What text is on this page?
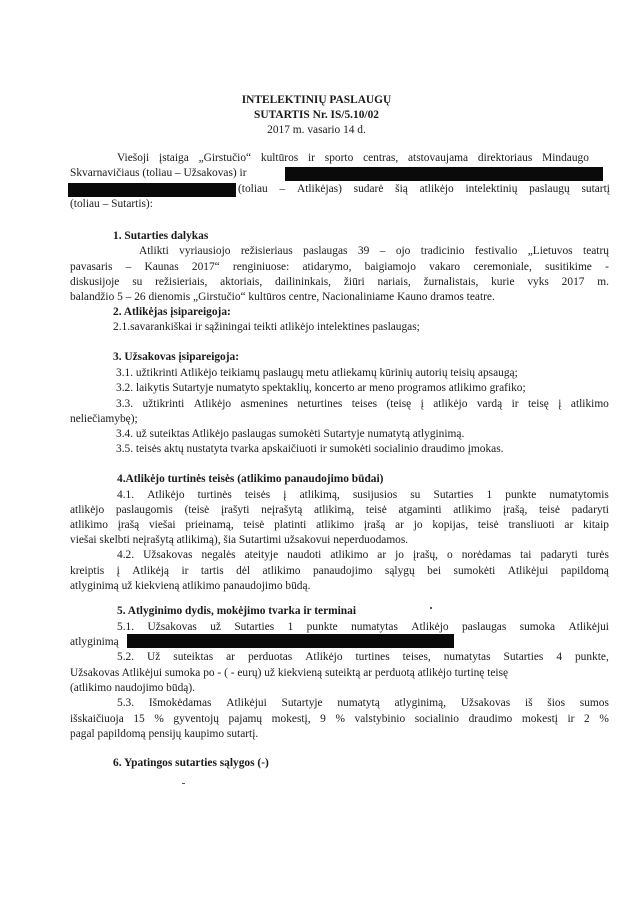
INTELEKTINIŲ PASLAUGŲ

SUTARTIS Nr. IS/5.10/02

2017 m. vasario 14 d.

Viešoji įstaiga „Girstučio“ kultūros ir sporto centras, atstovaujama direktoriaus Mindaugo

Skvarnavičiaus (toliau – Užsakovas) ir

(toliau – Atlikėjas) sudarė šią atlikėjo intelektinių paslaugų sutartį

(toliau – Sutartis):

1. Sutarties dalykas

Atlikti vyriausiojo režisieriaus paslaugas 39 – ojo tradicinio festivalio „Lietuvos teatrų
pavasaris – Kaunas 2017“ renginiuose: atidarymo, baigiamojo vakaro ceremoniale, susitikime -
diskusijoje su režisieriais, aktoriais, dailininkais, žiūri nariais, žurnalistais, kurie vyks 2017 m.

balandžio 5 – 26 dienomis „Girstučio“ kultūros centre, Nacionaliniame Kauno dramos teatre.

2. Atlikėjas įsipareigoja:

2.1.savarankiškai ir sąžiningai teikti atlikėjo intelektines paslaugas;

3. Užsakovas įsipareigoja:

3.1. užtikrinti Atlikėjo teikiamų paslaugų metu atliekamų kūrinių autorių teisių apsaugą;

3.2. laikytis Sutartyje numatyto spektaklių, koncerto ar meno programos atlikimo grafiko;

3.3. užtikrinti Atlikėjo asmenines neturtines teises (teisę į atlikėjo vardą ir teisę į atlikimo

neliečiamybę);

3.4. už suteiktas Atlikėjo paslaugas sumokėti Sutartyje numatytą atlyginimą.

3.5. teisės aktų nustatyta tvarka apskaičiuoti ir sumokėti socialinio draudimo įmokas.

4.Atlikėjo turtinės teisės (atlikimo panaudojimo būdai)

4.1. Atlikėjo turtinės teisės į atlikimą, susijusios su Sutarties 1 punkte numatytomis
atlikėjo paslaugomis (teisė įrašyti neįrašytą atlikimą, teisė atgaminti atlikimo įrašą, teisė padaryti
atlikimo įrašą viešai prieinamą, teisė platinti atlikimo įrašą ar jo kopijas, teisė transliuoti ar kitaip

viešai skelbti neįrašytą atlikimą), šia Sutartimi užsakovui neperduodamos.

4.2. Užsakovas negalės ateityje naudoti atlikimo ar jo įrašų, o norėdamas tai padaryti turės
kreiptis į Atlikėją ir tartis dėl atlikimo panaudojimo sąlygų bei sumokėti Atlikėjui papildomą

atlyginimą už kiekvieną atlikimo panaudojimo būdą.

5. Atlyginimo dydis, mokėjimo tvarka ir terminai

5.1. Užsakovas už Sutarties 1 punkte numatytas Atlikėjo paslaugas sumoka Atlikėjui

atlyginimą

5.2. Už suteiktas ar perduotas Atlikėjo turtines teises, numatytas Sutarties 4 punkte,

Užsakovas Atlikėjui sumoka po - ( - eurų) už kiekvieną suteiktą ar perduotą atlikėjo turtinę teisę

(atlikimo naudojimo būdą).

5.3. Išmokėdamas Atlikėjui Sutartyje numatytą atlyginimą, Užsakovas iš šios sumos
išskaičiuoja 15 % gyventojų pajamų mokestį, 9 % valstybinio socialinio draudimo mokestį ir 2 %

pagal papildomą pensijų kaupimo sutartį.

6. Ypatingos sutarties sąlygos (-)
